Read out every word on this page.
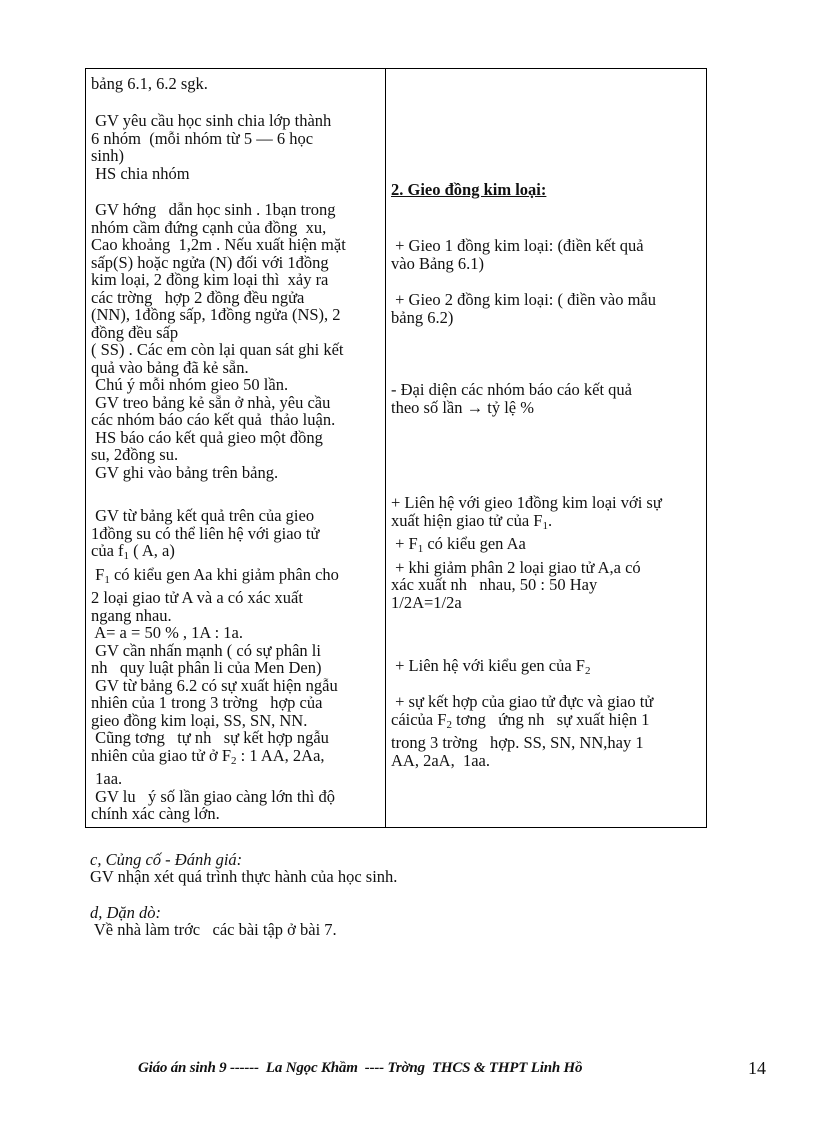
bảng 6.1, 6.2 sgk.
GV yêu cầu học sinh chia lớp thành
6 nhóm  (mỗi nhóm từ 5 — 6 học
sinh)
HS chia nhóm
GV hớng   dẫn học sinh . 1bạn trong
nhóm cầm đứng cạnh của đồng  xu,
Cao khoảng  1,2m . Nếu xuất hiện mặt
sấp(S) hoặc ngửa (N) đối với 1đồng
kim loại, 2 đồng kim loại thì  xảy ra
các trờng   hợp 2 đồng đều ngửa
(NN), 1đồng sấp, 1đồng ngửa (NS), 2
đồng đều sấp
( SS) . Các em còn lại quan sát ghi kết
quả vào bảng đã kẻ sẵn.
Chú ý mỗi nhóm gieo 50 lần.
GV treo bảng kẻ sẵn ở nhà, yêu cầu
các nhóm báo cáo kết quả  thảo luận.
HS báo cáo kết quả gieo một đồng
su, 2đồng su.
GV ghi vào bảng trên bảng.
GV từ bảng kết quả trên của gieo
1đồng su có thể liên hệ với giao tử
của $f_1$ ( A, a)
$F_1$ có kiểu gen Aa khi giảm phân cho
2 loại giao tử A và a có xác xuất
ngang nhau.
A= a = 50 % , 1A : 1a.
GV cần nhấn mạnh ( có sự phân li
nh   quy luật phân li của Men Den)
GV từ bảng 6.2 có sự xuất hiện ngẫu
nhiên của 1 trong 3 trờng   hợp của
gieo đồng kim loại, SS, SN, NN.
Cũng tơng   tự nh   sự kết hợp ngẫu
nhiên của giao tử ở $F_2$ : 1 AA, 2Aa,
1aa.
GV lu   ý số lần giao càng lớn thì độ
chính xác càng lớn.
2. Gieo đồng kim loại:
+ Gieo 1 đồng kim loại: (điền kết quả
vào Bảng 6.1)
+ Gieo 2 đồng kim loại: ( điền vào mẫu
bảng 6.2)
- Đại diện các nhóm báo cáo kết quả
theo số lần → tỷ lệ %
+ Liên hệ với gieo 1đồng kim loại với sự
xuất hiện giao tử của $F_1$.
+ $F_1$ có kiểu gen Aa
+ khi giảm phân 2 loại giao tử A,a có
xác xuất nh   nhau, 50 : 50 Hay
1/2A=1/2a
+ Liên hệ với kiểu gen của $F_2$
+ sự kết hợp của giao tử đực và giao tử
cáicủa $F_2$ tơng   ứng nh   sự xuất hiện 1
trong 3 trờng   hợp. SS, SN, NN,hay 1
AA, 2aA,  1aa.
c, Củng cố - Đánh giá:
GV nhận xét quá trình thực hành của học sinh.
d, Dặn dò:
Về nhà làm trớc   các bài tập ở bài 7.
Giáo án sinh 9 ------  La Ngọc Khầm  ---- Trờng  THCS & THPT Linh Hồ	14
